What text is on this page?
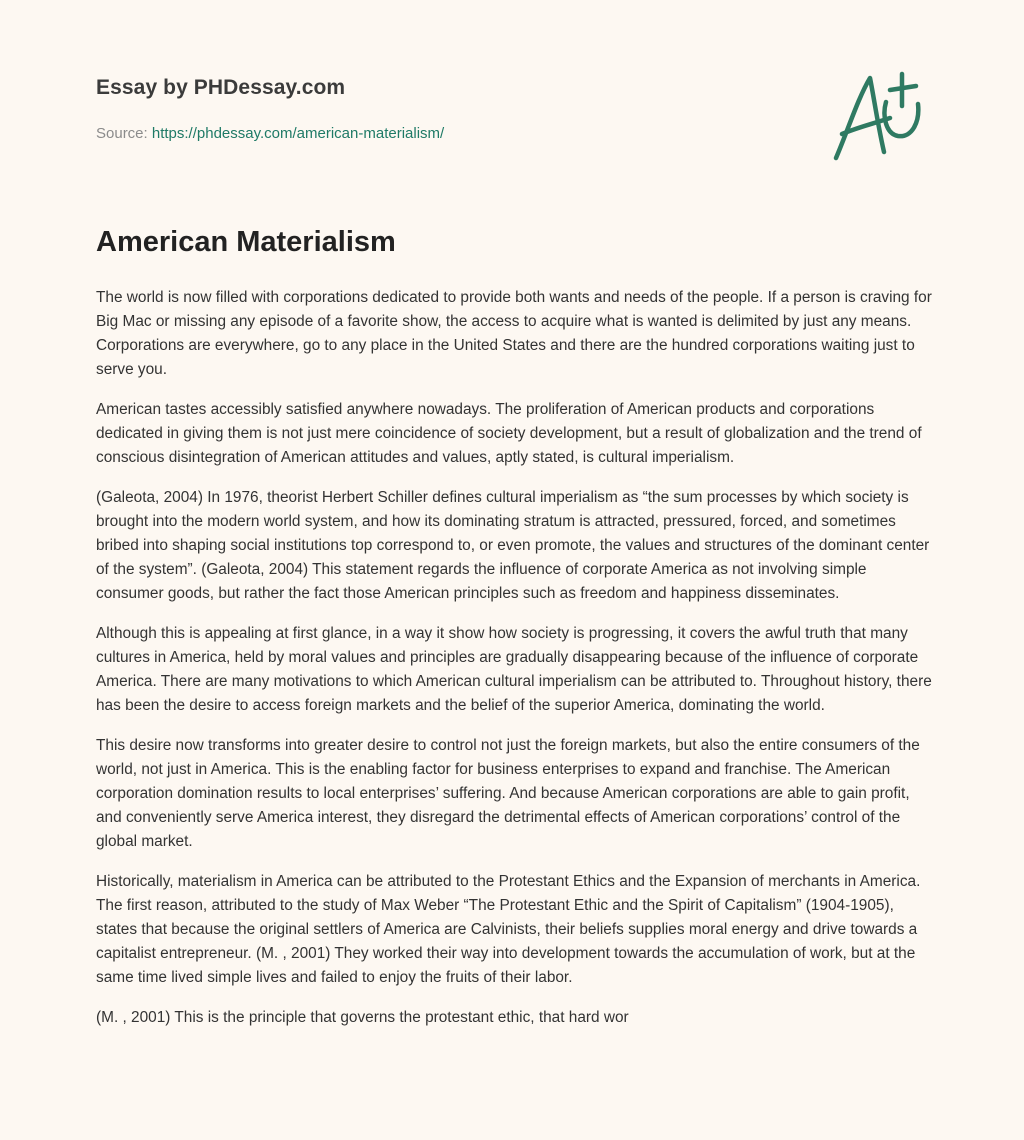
Essay by PHDessay.com
Source: https://phdessay.com/american-materialism/
American Materialism

The world is now filled with corporations dedicated to provide both wants and needs of the people. If a person is craving for Big Mac or missing any episode of a favorite show, the access to acquire what is wanted is delimited by just any means. Corporations are everywhere, go to any place in the United States and there are the hundred corporations waiting just to serve you.

American tastes accessibly satisfied anywhere nowadays. The proliferation of American products and corporations dedicated in giving them is not just mere coincidence of society development, but a result of globalization and the trend of conscious disintegration of American attitudes and values, aptly stated, is cultural imperialism.

(Galeota, 2004) In 1976, theorist Herbert Schiller defines cultural imperialism as “the sum processes by which society is brought into the modern world system, and how its dominating stratum is attracted, pressured, forced, and sometimes bribed into shaping social institutions top correspond to, or even promote, the values and structures of the dominant center of the system”. (Galeota, 2004) This statement regards the influence of corporate America as not involving simple consumer goods, but rather the fact those American principles such as freedom and happiness disseminates.

Although this is appealing at first glance, in a way it show how society is progressing, it covers the awful truth that many cultures in America, held by moral values and principles are gradually disappearing because of the influence of corporate America. There are many motivations to which American cultural imperialism can be attributed to. Throughout history, there has been the desire to access foreign markets and the belief of the superior America, dominating the world.

This desire now transforms into greater desire to control not just the foreign markets, but also the entire consumers of the world, not just in America. This is the enabling factor for business enterprises to expand and franchise. The American corporation domination results to local enterprises’ suffering. And because American corporations are able to gain profit, and conveniently serve America interest, they disregard the detrimental effects of American corporations’ control of the global market.

Historically, materialism in America can be attributed to the Protestant Ethics and the Expansion of merchants in America. The first reason, attributed to the study of Max Weber “The Protestant Ethic and the Spirit of Capitalism” (1904-1905), states that because the original settlers of America are Calvinists, their beliefs supplies moral energy and drive towards a capitalist entrepreneur. (M. , 2001) They worked their way into development towards the accumulation of work, but at the same time lived simple lives and failed to enjoy the fruits of their labor.

(M. , 2001) This is the principle that governs the protestant ethic, that hard wor
